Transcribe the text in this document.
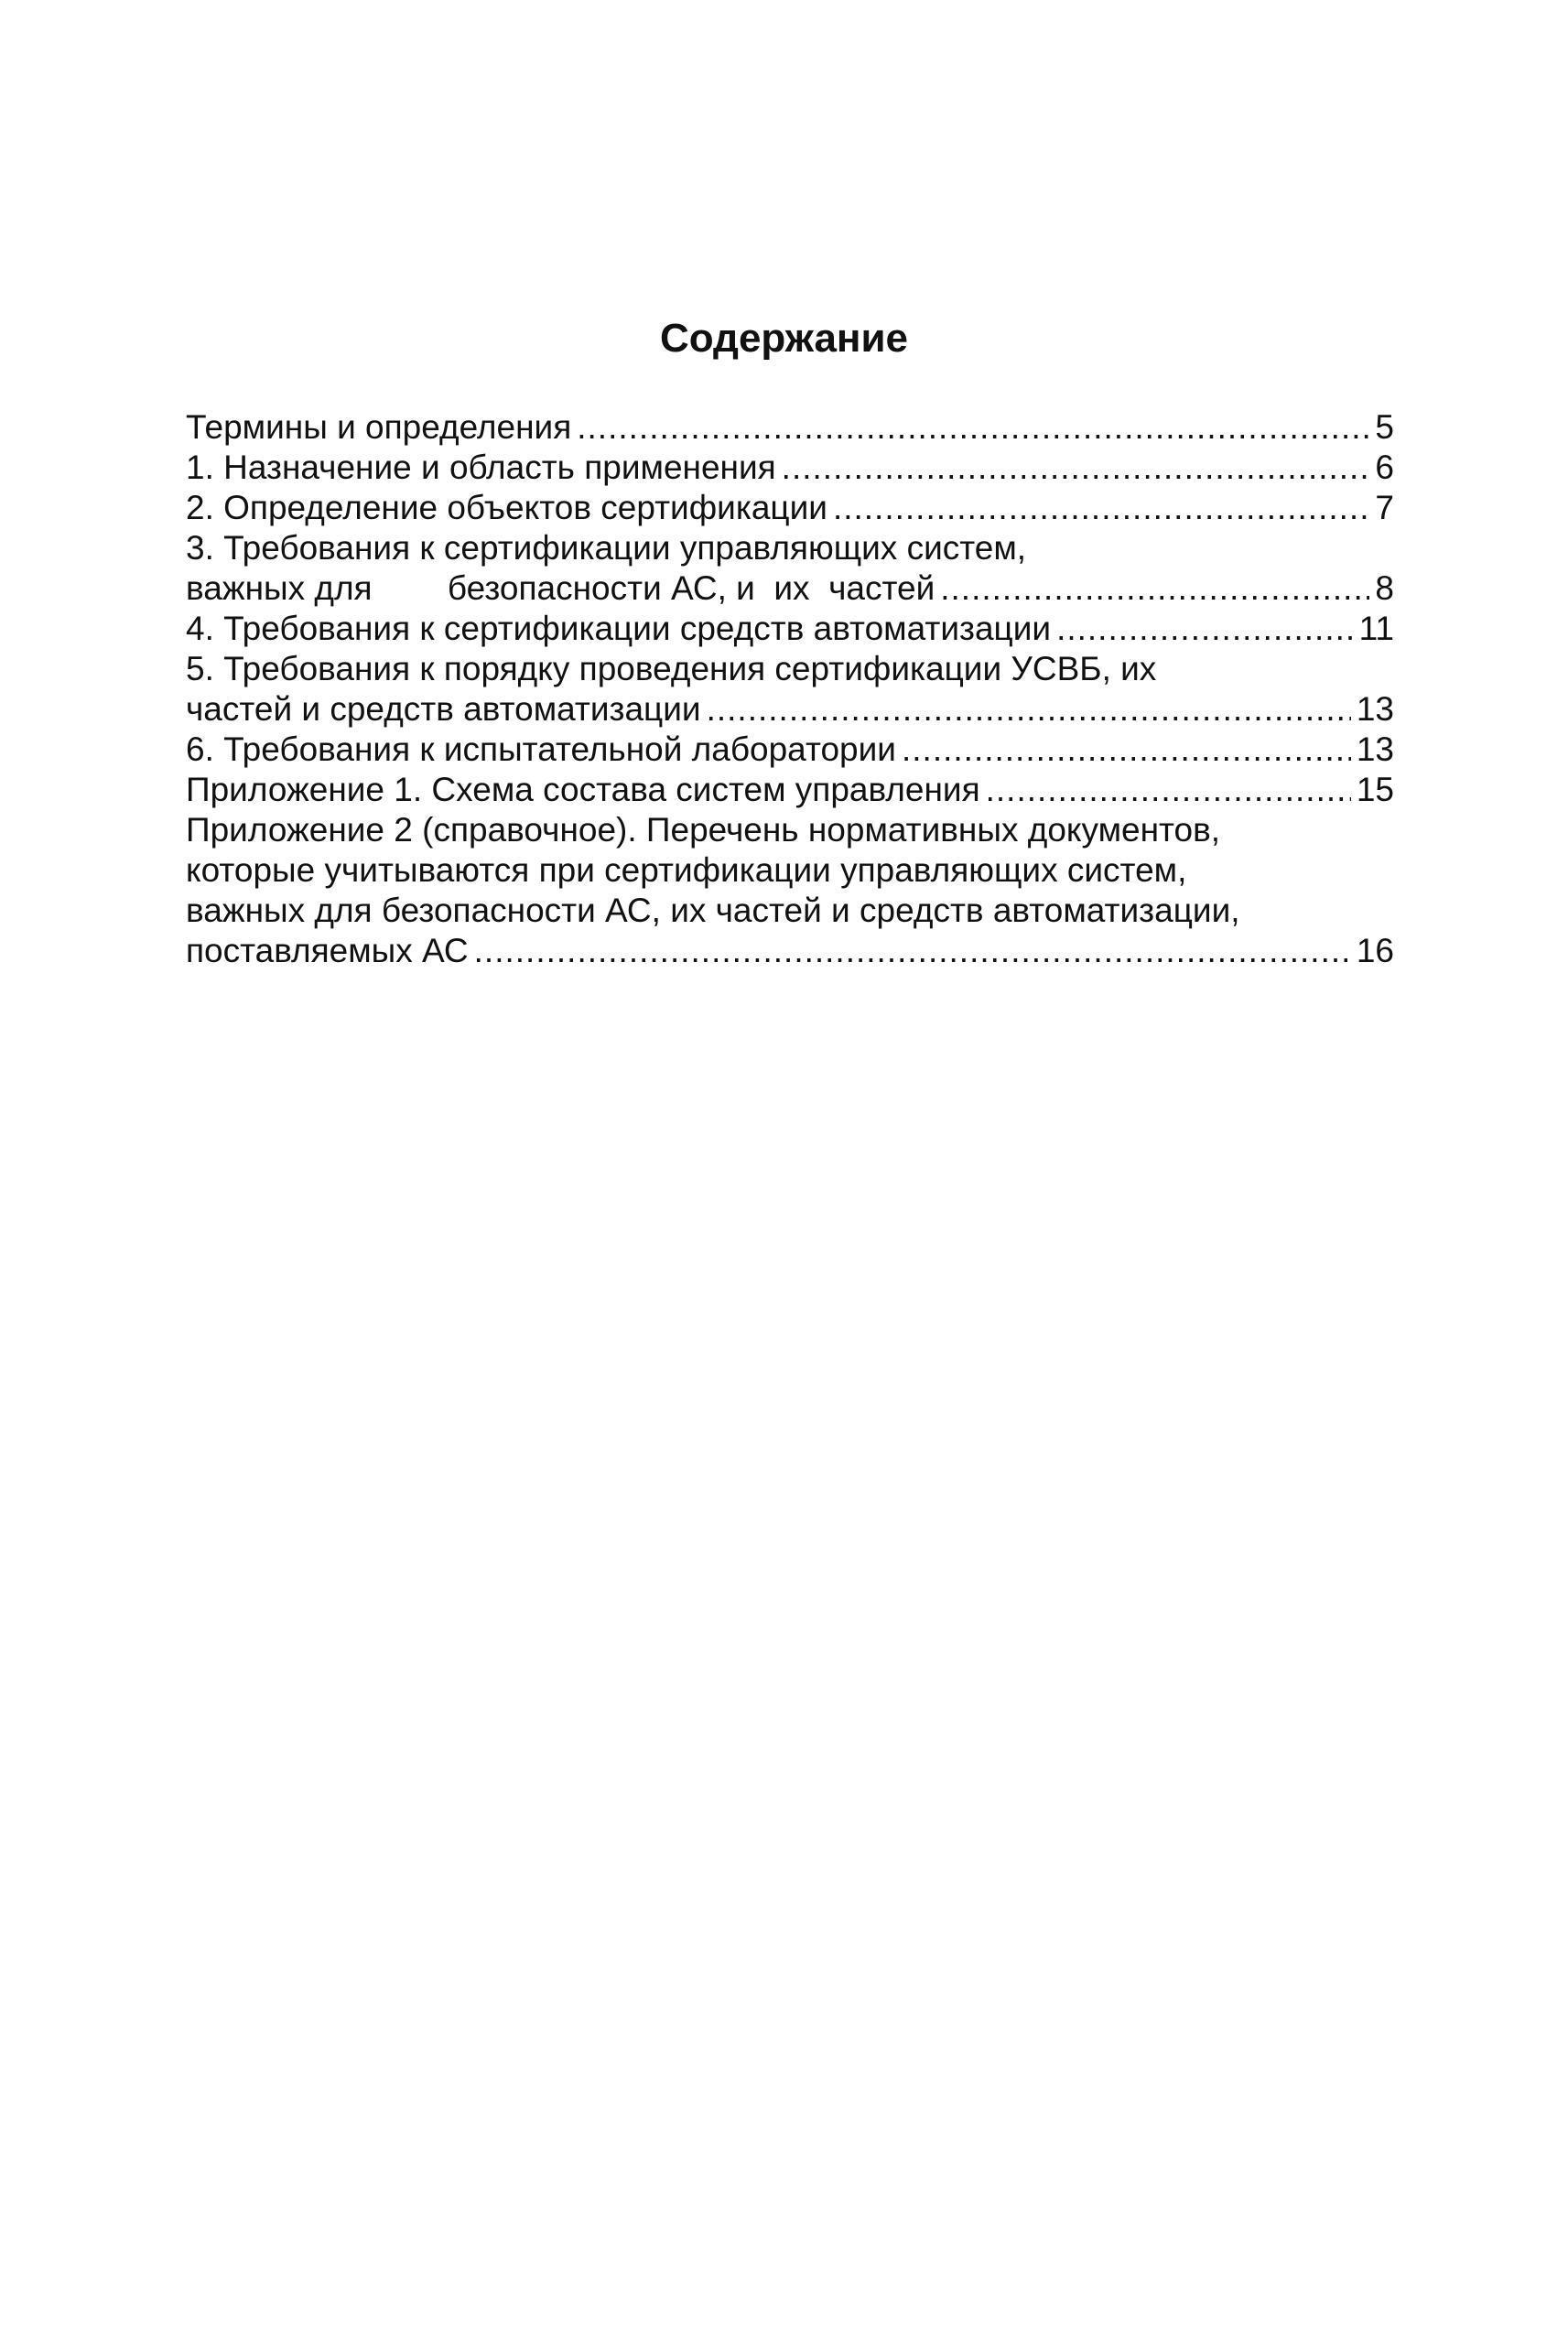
Содержание
Термины и определения .....	5
1. Назначение и область применения .....	6
2. Определение объектов сертификации .....	7
3. Требования к сертификации управляющих систем,
важных для        безопасности АС, и  их  частей .....	8
4. Требования к сертификации средств автоматизации .....	11
5. Требования к порядку проведения сертификации УСВБ, их
частей и средств автоматизации .....	13
6. Требования к испытательной лаборатории .....	13
Приложение 1. Схема состава систем управления .....	15
Приложение 2 (справочное). Перечень нормативных документов,
которые учитываются при сертификации управляющих систем,
важных для безопасности АС, их частей и средств автоматизации,
поставляемых АС .....	16
